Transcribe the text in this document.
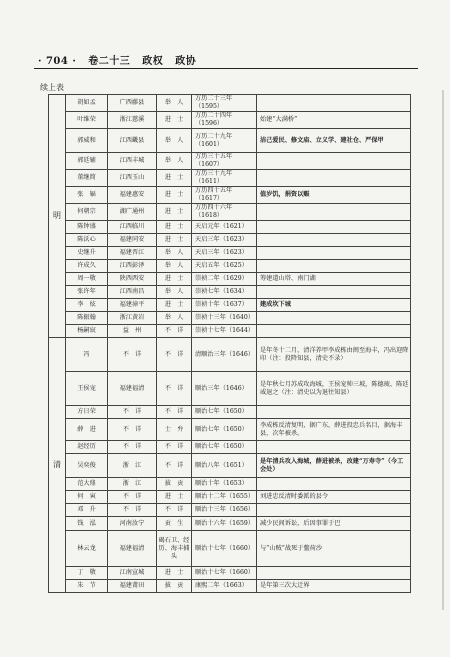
· 704 · 卷二十三 政权 政协
续上表
明	胡如孟	广西藤县	举　人	万历二十三年（1595）	
	叶维荣	浙江慈溪	进　士	万历二十四年（1596）	始建“大满桥”
	郭威和	江西畿县	举　人	万历二十九年（1601）	洁己爱民、修文庙、立义学、建社仓、严保甲
	郭廷辅	江西丰城	举　人	万历三十五年（1607）	
	董继简	江西玉山	进　士	万历三十九年（1611）	
	张　辐	福建惠安	进　士	万历四十五年（1617）	值岁饥，捐资以赈
	何朝宗	湖广通州	进　士	万历四十六年（1618）	
	陈钟盛	江西临川	进　士	天启元年（1621）	
	陈沃心	福建同安	进　士	天启三年（1623）	
	史继升	福建晋江	举　人	天启三年（1623）	
	许成久	江西彭泽	举　人	天启五年（1625）	
	周一敬	陕西西安	进　士	崇祯二年（1629）	筹建道山塔、南门湖
	张许年	江西南昌	举　人	崇祯七年（1634）	
	李　炫	福建漳平	进　士	崇祯十年（1637）	建成坎下城
	陈振翰	浙江黄岩	举　人	崇祯十三年（1640）	
	杨嗣宸	益　州	不　详	崇祯十七年（1644）	
清	冯	不　详	不　详	清顺治三年（1646）	是年冬十二月，清洋养甲李成栋由闽至海丰，冯出迎降印（注：投降知县，清史不录）
	王侯宠	福建福清	不　详	顺治三年（1646）	是年秋七月苏成攻海城，王侯宠帅三坡，陈德琉、陈廷威退之（注：清史以为退往知县）
	方日荣	不　详	不　详	顺治七年（1650）	
	薛　进	不　详	士　弁	顺治七年（1650）	李成栋反清复明，据广东，薛进投忠兵名目，据海丰县，次年被杀。
	赵经历	不　详	不　详	顺治七年（1650）	
	吴奕俊	浙　江	不　详	顺治八年（1651）	是年清兵攻入海城，薛进被杀，改建“万寿寺”（今工会处）
	范大鼎	浙　江	拔　贡	顺治十年（1653）	
	何　寅	不　详	进　士	顺治十二年（1655）	刘进忠反清时委派的县令
	邓　升	不　详	不　详	顺治十三年（1656）	
	钱　泓	河南汝宁	贡　生	顺治十六年（1659）	减少民间诉讼，后因事罪于巴
	林云龙	福建福清	碣石卫、经历、海丰捕头	顺治十七年（1660）	与“山贼”战死于鳌荷沙
	丁　敬	江南宣城	进　士	顺治十七年（1660）	
	朱　节	福建莆田	拔　贡	康熙二年（1663）	是年第三次大迁界
